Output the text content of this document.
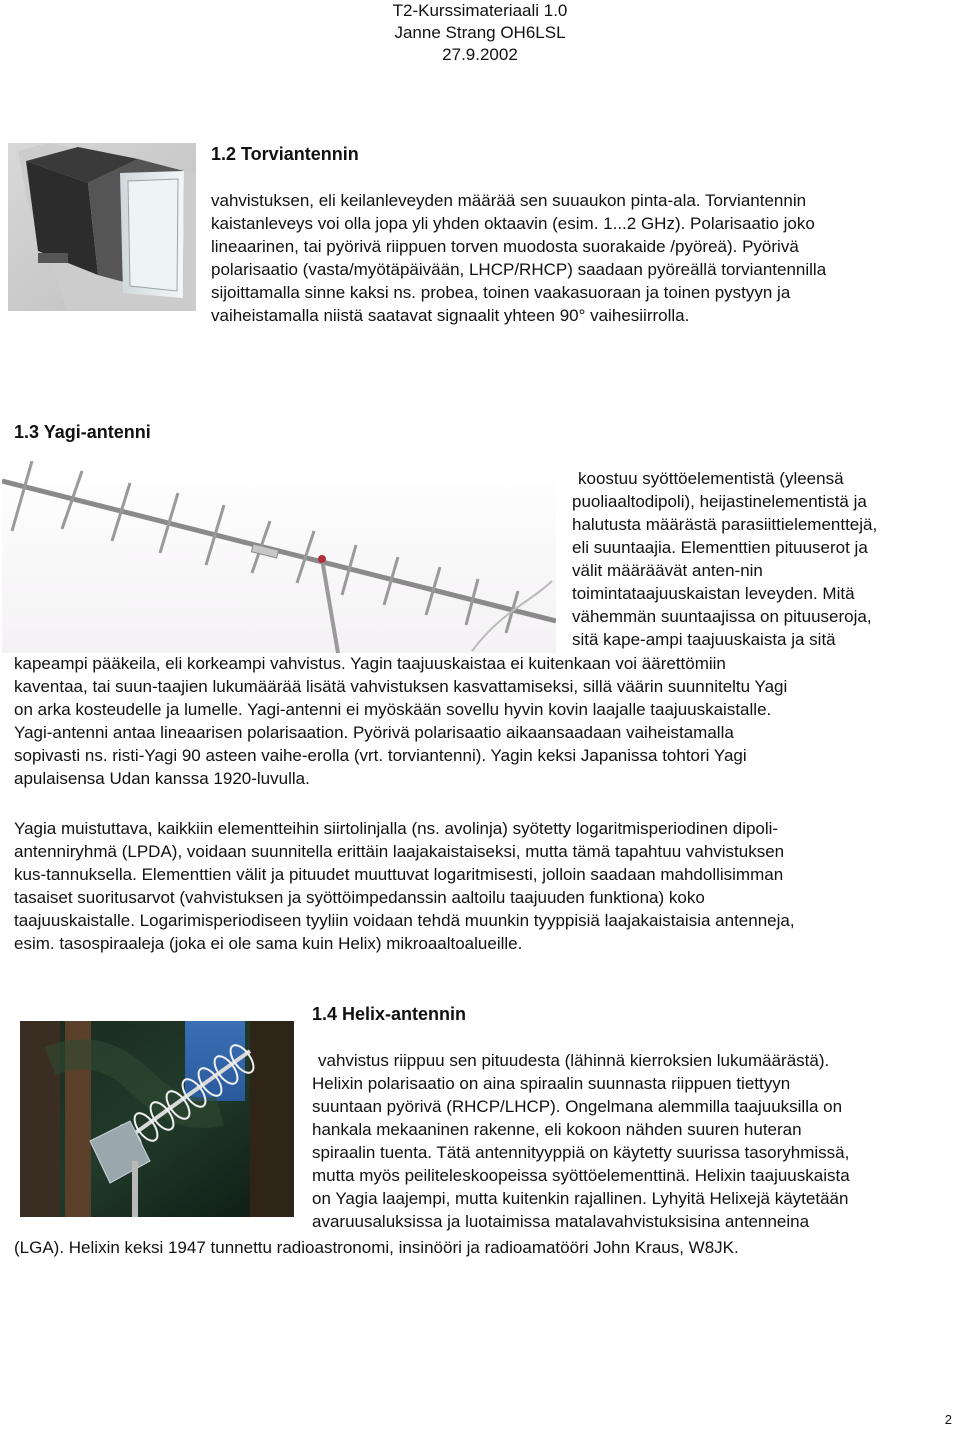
T2-Kurssimateriaali 1.0
Janne Strang OH6LSL
27.9.2002
1.2 Torviantennin
vahvistuksen, eli keilanleveyden määrää sen suuaukon pinta-ala. Torviantennin
kaistanleveys voi olla jopa yli yhden oktaavin (esim. 1...2 GHz). Polarisaatio joko
lineaarinen, tai pyörivä riippuen torven muodosta suorakaide /pyöreä). Pyörivä
polarisaatio (vasta/myötäpäivään, LHCP/RHCP) saadaan pyöreällä torviantennilla
sijoittamalla sinne kaksi ns. probea, toinen vaakasuoraan ja toinen pystyyn ja
vaiheistamalla niistä saatavat signaalit yhteen 90° vaihesiirrolla.
1.3 Yagi-antenni
koostuu syöttöelementistä (yleensä
puoliaaltodipoli), heijastinelementistä ja
halutusta määrästä parasiittielementtejä,
eli suuntaajia. Elementtien pituuserot ja
välit määräävät anten-nin
toimintataajuuskaistan leveyden. Mitä
vähemmän suuntaajissa on pituuseroja,
sitä kape-ampi taajuuskaista ja sitä
kapeampi pääkeila, eli korkeampi vahvistus. Yagin taajuuskaistaa ei kuitenkaan voi äärettömiin
kaventaa, tai suun-taajien lukumäärää lisätä vahvistuksen kasvattamiseksi, sillä väärin suunniteltu Yagi
on arka kosteudelle ja lumelle. Yagi-antenni ei myöskään sovellu hyvin kovin laajalle taajuuskaistalle.
Yagi-antenni antaa lineaarisen polarisaation. Pyörivä polarisaatio aikaansaadaan vaiheistamalla
sopivasti ns. risti-Yagi 90 asteen vaihe-erolla (vrt. torviantenni). Yagin keksi Japanissa tohtori Yagi
apulaisensa Udan kanssa 1920-luvulla.
Yagia muistuttava, kaikkiin elementteihin siirtolinjalla (ns. avolinja) syötetty logaritmisperiodinen dipoli-
antenniryhmä (LPDA), voidaan suunnitella erittäin laajakaistaiseksi, mutta tämä tapahtuu vahvistuksen
kus-tannuksella. Elementtien välit ja pituudet muuttuvat logaritmisesti, jolloin saadaan mahdollisimman
tasaiset suoritusarvot (vahvistuksen ja syöttöimpedanssin aaltoilu taajuuden funktiona) koko
taajuuskaistalle. Logarimisperiodiseen tyyliin voidaan tehdä muunkin tyyppisiä laajakaistaisia antenneja,
esim. tasospiraaleja (joka ei ole sama kuin Helix) mikroaaltoalueille.
1.4 Helix-antennin
vahvistus riippuu sen pituudesta (lähinnä kierroksien lukumäärästä).
Helixin polarisaatio on aina spiraalin suunnasta riippuen tiettyyn
suuntaan pyörivä (RHCP/LHCP). Ongelmana alemmilla taajuuksilla on
hankala mekaaninen rakenne, eli kokoon nähden suuren huteran
spiraalin tuenta. Tätä antennityyppiä on käytetty suurissa tasoryhmissä,
mutta myös peiliteleskoopeissa syöttöelementtinä. Helixin taajuuskaista
on Yagia laajempi, mutta kuitenkin rajallinen. Lyhyitä Helixejä käytetään
avaruusaluksissa ja luotaimissa matalavahvistuksisina antenneina
(LGA). Helixin keksi 1947 tunnettu radioastronomi, insinööri ja radioamatööri John Kraus, W8JK.
2
